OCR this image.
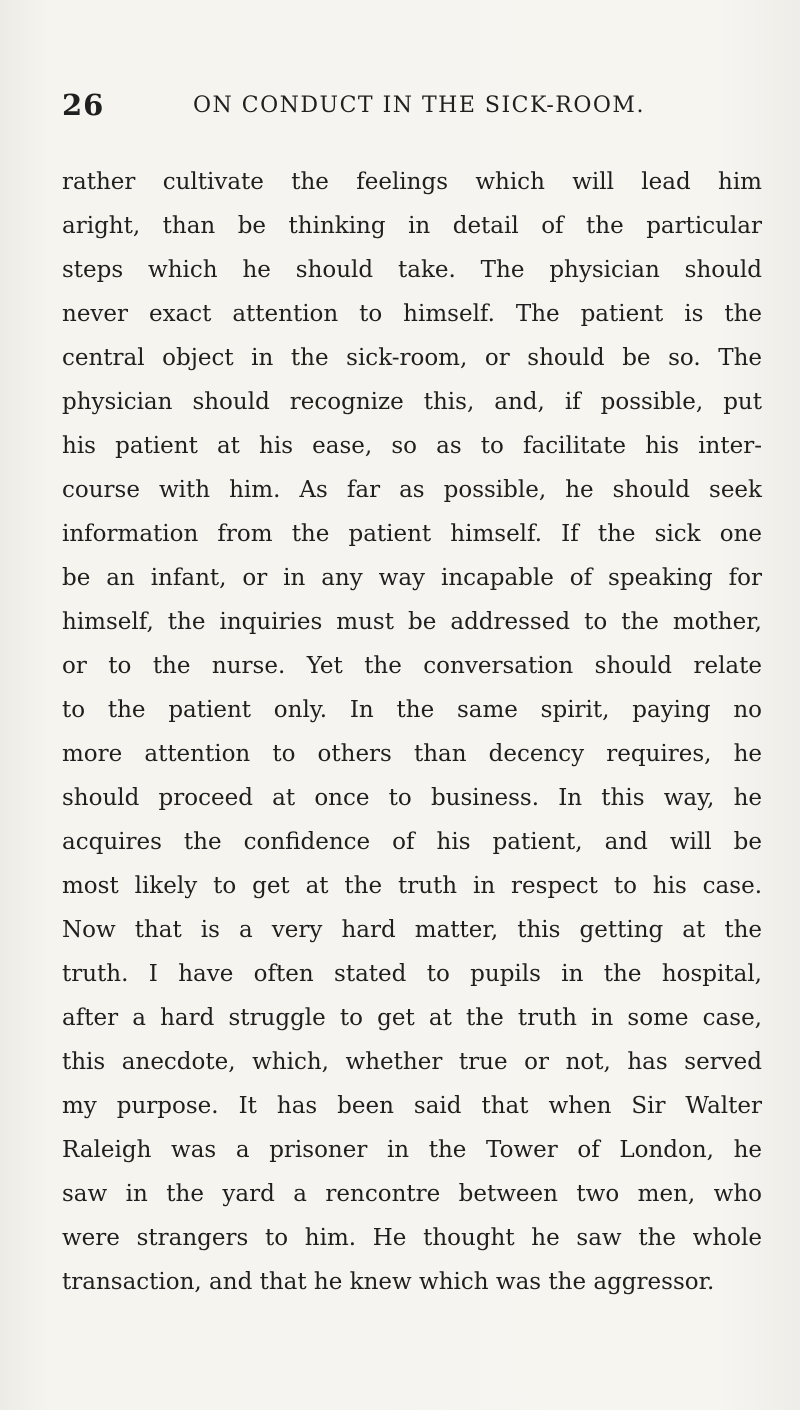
26	ON CONDUCT IN THE SICK-ROOM.
rather cultivate the feelings which will lead him
aright, than be thinking in detail of the particular
steps which he should take. The physician should
never exact attention to himself. The patient is the
central object in the sick-room, or should be so. The
physician should recognize this, and, if possible, put
his patient at his ease, so as to facilitate his inter-
course with him. As far as possible, he should seek
information from the patient himself. If the sick one
be an infant, or in any way incapable of speaking for
himself, the inquiries must be addressed to the mother,
or to the nurse. Yet the conversation should relate
to the patient only. In the same spirit, paying no
more attention to others than decency requires, he
should proceed at once to business. In this way, he
acquires the confidence of his patient, and will be
most likely to get at the truth in respect to his case.
Now that is a very hard matter, this getting at the
truth. I have often stated to pupils in the hospital,
after a hard struggle to get at the truth in some case,
this anecdote, which, whether true or not, has served
my purpose. It has been said that when Sir Walter
Raleigh was a prisoner in the Tower of London, he
saw in the yard a rencontre between two men, who
were strangers to him. He thought he saw the whole
transaction, and that he knew which was the aggressor.
